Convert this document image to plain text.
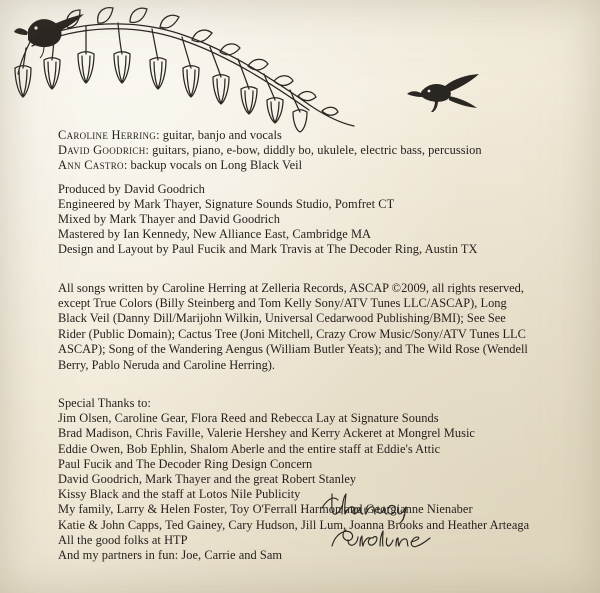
Caroline Herring: guitar, banjo and vocals
David Goodrich: guitars, piano, e-bow, diddly bo, ukulele, electric bass, percussion
Ann Castro: backup vocals on Long Black Veil
Produced by David Goodrich
Engineered by Mark Thayer, Signature Sounds Studio, Pomfret CT
Mixed by Mark Thayer and David Goodrich
Mastered by Ian Kennedy, New Alliance East, Cambridge MA
Design and Layout by Paul Fucik and Mark Travis at The Decoder Ring, Austin TX
All songs written by Caroline Herring at Zelleria Records, ASCAP ©2009, all rights reserved, except True Colors (Billy Steinberg and Tom Kelly Sony/ATV Tunes LLC/ASCAP), Long Black Veil (Danny Dill/Marijohn Wilkin, Universal Cedarwood Publishing/BMI); See See Rider (Public Domain); Cactus Tree (Joni Mitchell, Crazy Crow Music/Sony/ATV Tunes LLC ASCAP); Song of the Wandering Aengus (William Butler Yeats); and The Wild Rose (Wendell Berry, Pablo Neruda and Caroline Herring).
Special Thanks to:
Jim Olsen, Caroline Gear, Flora Reed and Rebecca Lay at Signature Sounds
Brad Madison, Chris Faville, Valerie Hershey and Kerry Ackeret at Mongrel Music
Eddie Owen, Bob Ephlin, Shalom Aberle and the entire staff at Eddie's Attic
Paul Fucik and The Decoder Ring Design Concern
David Goodrich, Mark Thayer and the great Robert Stanley
Kissy Black and the staff at Lotos Nile Publicity
My family, Larry & Helen Foster, Toy O'Ferrall Harmon and Georgianne Nienaber
Katie & John Capps, Ted Gainey, Cary Hudson, Jill Lum, Joanna Brooks and Heather Arteaga
All the good folks at HTP
And my partners in fun: Joe, Carrie and Sam
